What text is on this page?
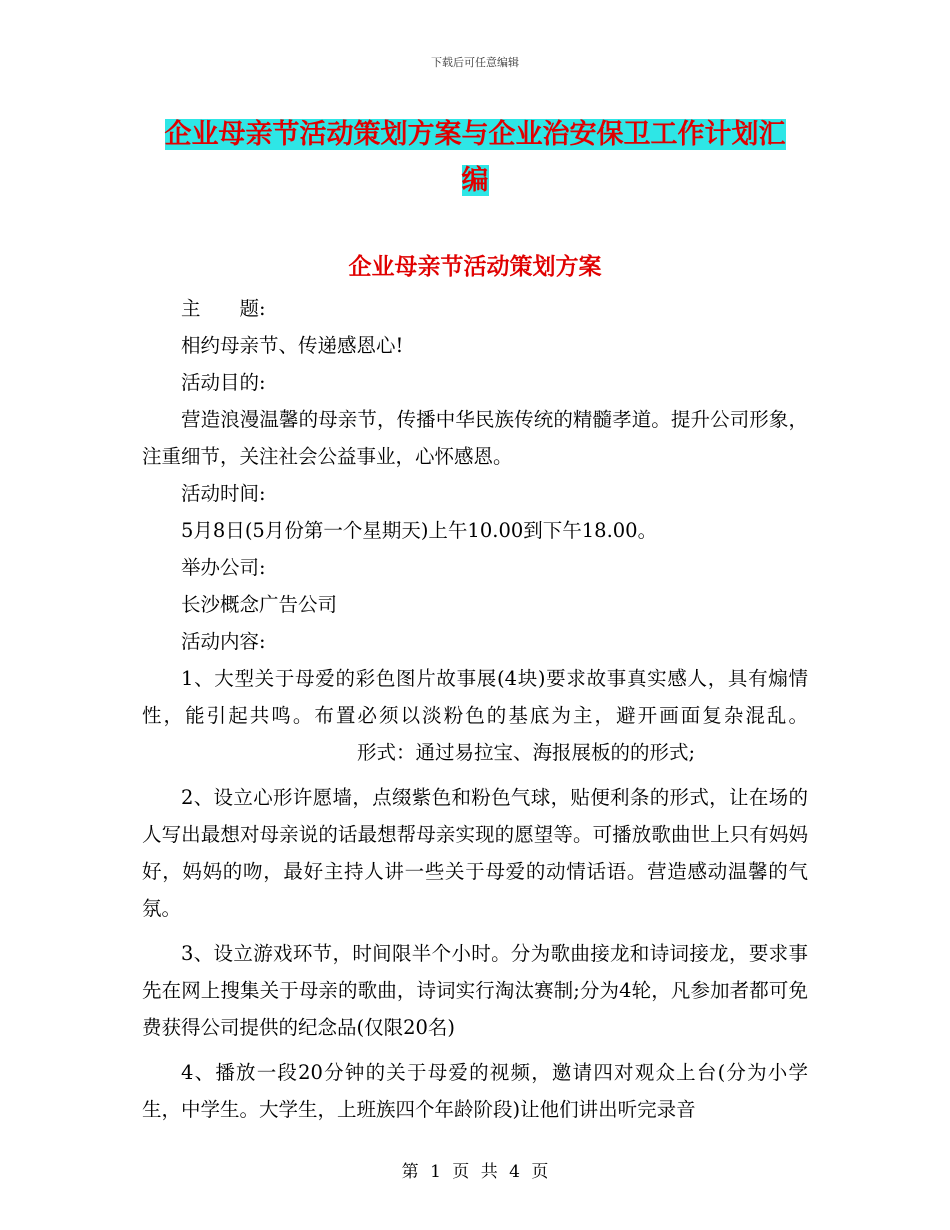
下载后可任意编辑
企业母亲节活动策划方案与企业治安保卫工作计划汇
编
企业母亲节活动策划方案

主　　题:

相约母亲节、传递感恩心!

活动目的:

营造浪漫温馨的母亲节，传播中华民族传统的精髓孝道。提升公司形象，注重细节，关注社会公益事业，心怀感恩。

活动时间:

5月8日(5月份第一个星期天)上午10.00到下午18.00。

举办公司:

长沙概念广告公司

活动内容:

1、大型关于母爱的彩色图片故事展(4块)要求故事真实感人，具有煽情性，能引起共鸣。布置必须以淡粉色的基底为主，避开画面复杂混乱。形式：通过易拉宝、海报展板的的形式;

2、设立心形许愿墙，点缀紫色和粉色气球，贴便利条的形式，让在场的人写出最想对母亲说的话最想帮母亲实现的愿望等。可播放歌曲世上只有妈妈好，妈妈的吻，最好主持人讲一些关于母爱的动情话语。营造感动温馨的气氛。

3、设立游戏环节，时间限半个小时。分为歌曲接龙和诗词接龙，要求事先在网上搜集关于母亲的歌曲，诗词实行淘汰赛制;分为4轮，凡参加者都可免费获得公司提供的纪念品(仅限20名)

4、播放一段20分钟的关于母爱的视频，邀请四对观众上台(分为小学生，中学生。大学生，上班族四个年龄阶段)让他们讲出听完录音

第 1 页 共 4 页
